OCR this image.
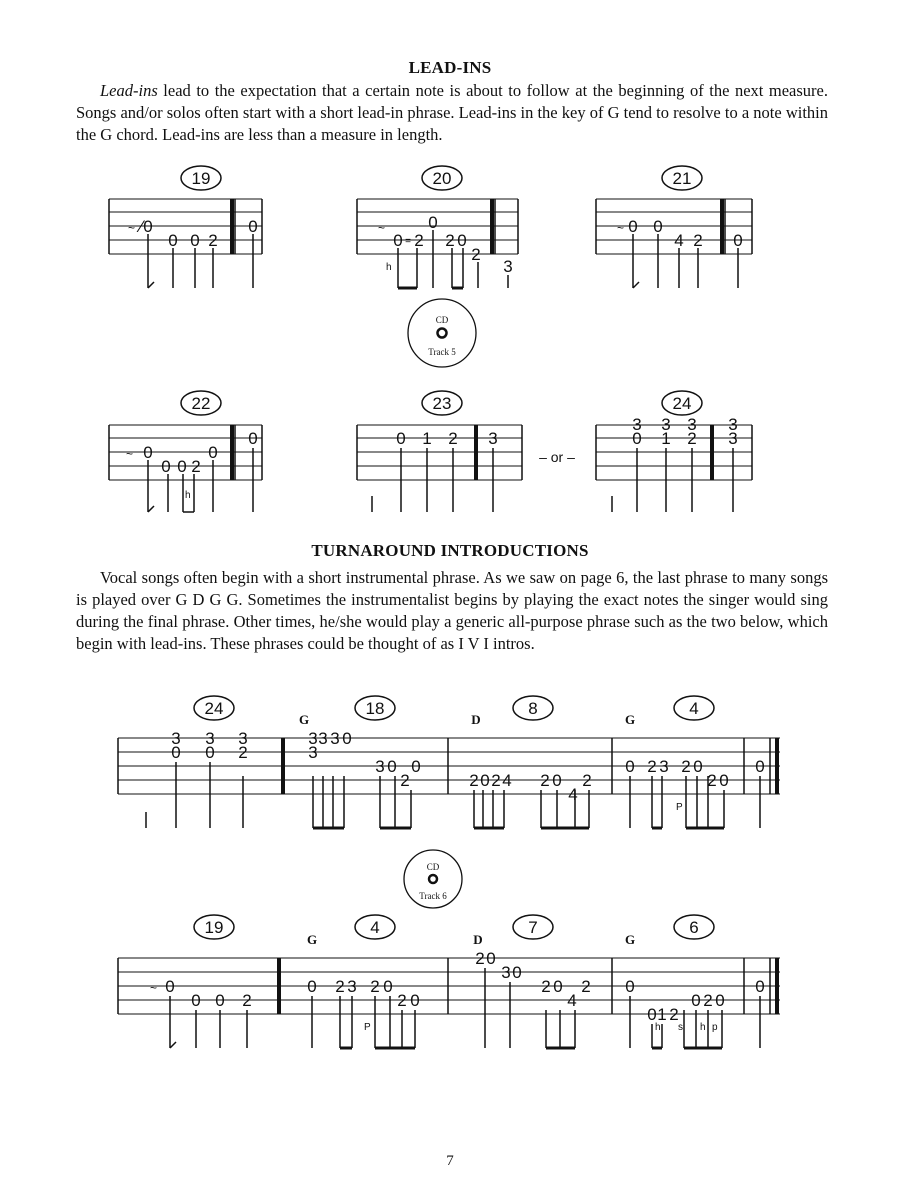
LEAD-INS

Lead-ins lead to the expectation that a certain note is about to follow at the beginning of the next measure. Songs and/or solos often start with a short lead-in phrase. Lead-ins in the key of G tend to resolve to a note within the G chord. Lead-ins are less than a measure in length.

TURNAROUND INTRODUCTIONS

Vocal songs often begin with a short instrumental phrase. As we saw on page 6, the last phrase to many songs is played over G D G G. Sometimes the instrumentalist begins by playing the exact notes the singer would sing during the final phrase. Other times, he/she would play a generic all-purpose phrase such as the two below, which begin with lead-ins. These phrases could be thought of as I V I intros.

7
19	20	21
22	23	24
24	18	8	4
19	4	7	6
G	D	G
G	D	G
– or –
CD
Track 5
CD
Track 6
⁄
~ 0
0 0 2
0	~
0 = 2
0
2 0
2
3
h
~ 0 0
4 2 0
~ 0
0 0 2
0
0
h
0 1 2 3
3
0
3
1
3
2
3
3
3
0
3
0
3
2
3
3
3 3 0
3 0
2
0
2 0 2 4 2 0
4
2
0 2 3 2 0
2 0
0
P
~ 0
0 0 2
0 2 3 2 0
2 0
P
2 0
3 0
2 0
4
2 0
0 1 2
0 2 0
0
h s h p
